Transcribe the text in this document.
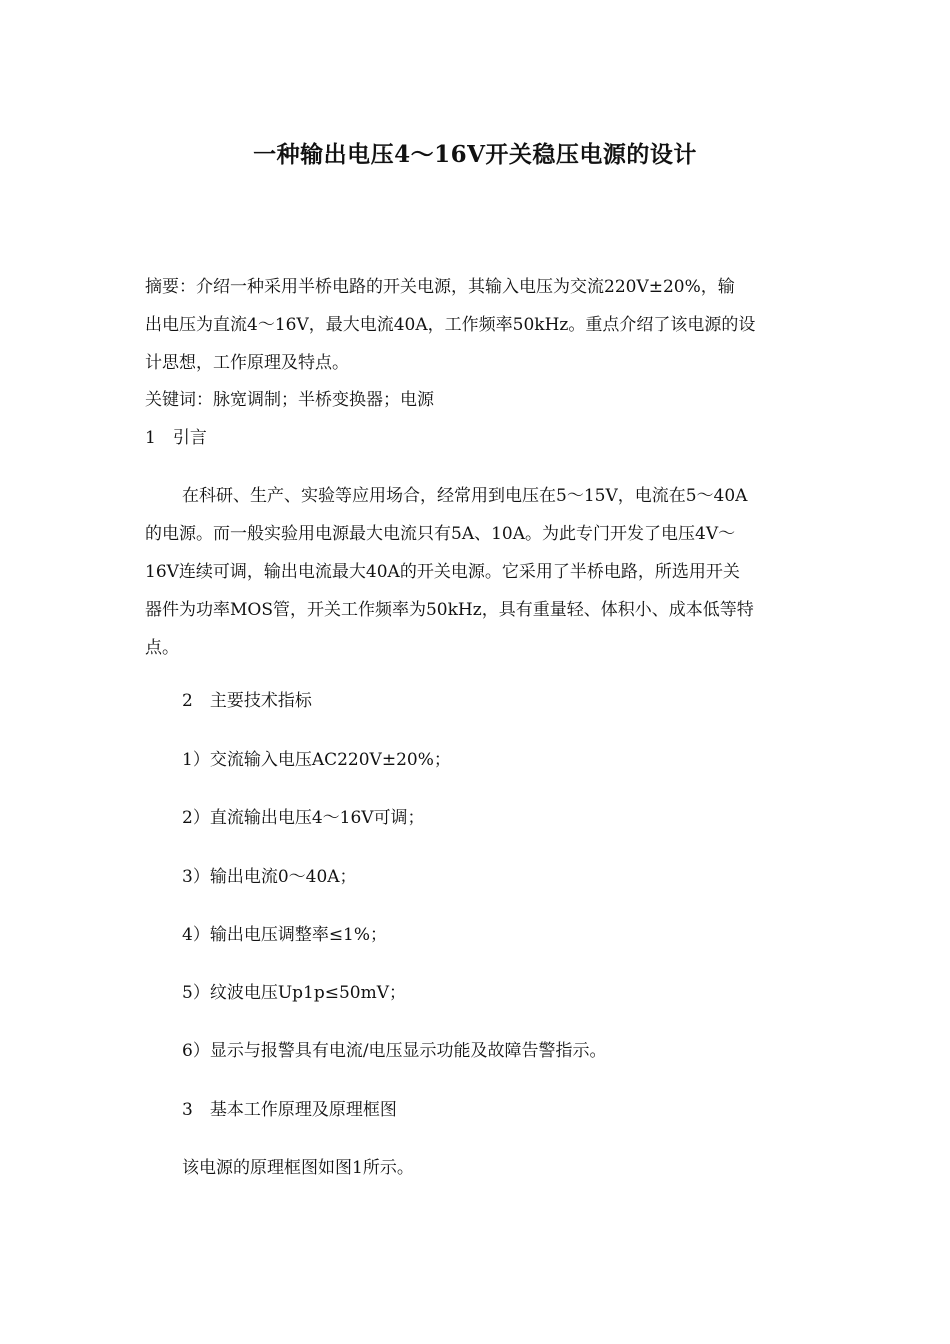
一种输出电压4～16V开关稳压电源的设计
摘要：介绍一种采用半桥电路的开关电源，其输入电压为交流220V±20%，输
出电压为直流4～16V，最大电流40A，工作频率50kHz。重点介绍了该电源的设
计思想，工作原理及特点。
关键词：脉宽调制；半桥变换器；电源
1　引言
在科研、生产、实验等应用场合，经常用到电压在5～15V，电流在5～40A
的电源。而一般实验用电源最大电流只有5A、10A。为此专门开发了电压4V～
16V连续可调，输出电流最大40A的开关电源。它采用了半桥电路，所选用开关
器件为功率MOS管，开关工作频率为50kHz，具有重量轻、体积小、成本低等特
点。
2　主要技术指标
1）交流输入电压AC220V±20%；
2）直流输出电压4～16V可调；
3）输出电流0～40A；
4）输出电压调整率≤1%；
5）纹波电压Up1p≤50mV；
6）显示与报警具有电流/电压显示功能及故障告警指示。
3　基本工作原理及原理框图
该电源的原理框图如图1所示。
